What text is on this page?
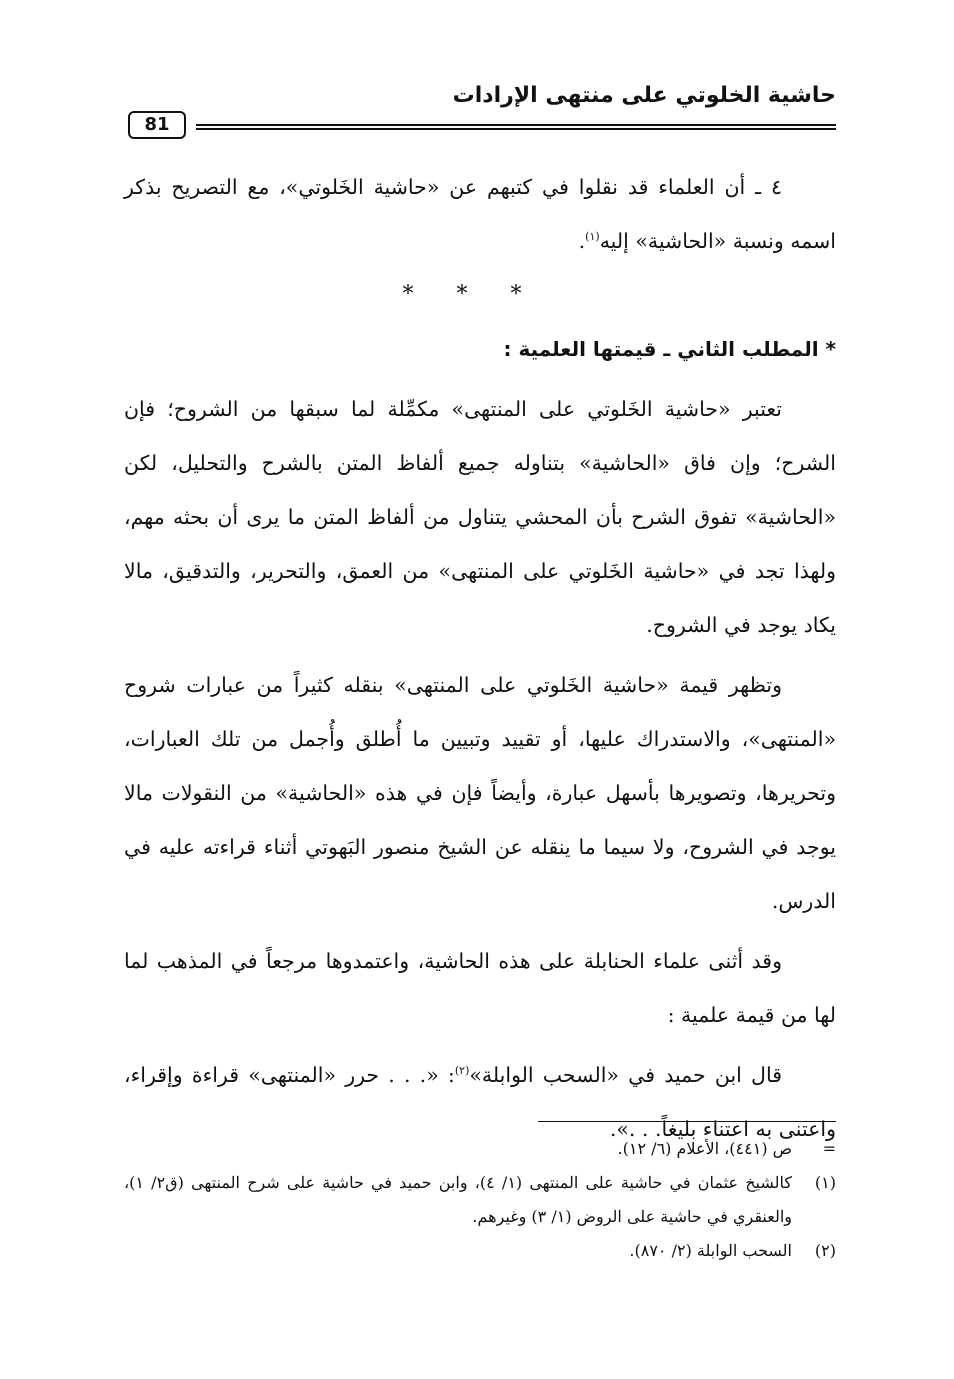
حاشية الخلوتي على منتهى الإرادات
81

٤ ـ أن العلماء قد نقلوا في كتبهم عن «حاشية الخَلوتي»، مع التصريح بذكر اسمه ونسبة «الحاشية» إليه$^{(١)}$.

* * *

* المطلب الثاني ـ قيمتها العلمية :

تعتبر «حاشية الخَلوتي على المنتهى» مكمِّلة لما سبقها من الشروح؛ فإن الشرح؛ وإن فاق «الحاشية» بتناوله جميع ألفاظ المتن بالشرح والتحليل، لكن «الحاشية» تفوق الشرح بأن المحشي يتناول من ألفاظ المتن ما يرى أن بحثه مهم، ولهذا تجد في «حاشية الخَلوتي على المنتهى» من العمق، والتحرير، والتدقيق، مالا يكاد يوجد في الشروح.

وتظهر قيمة «حاشية الخَلوتي على المنتهى» بنقله كثيراً من عبارات شروح «المنتهى»، والاستدراك عليها، أو تقييد وتبيين ما أُطلق وأُجمل من تلك العبارات، وتحريرها، وتصويرها بأسهل عبارة، وأيضاً فإن في هذه «الحاشية» من النقولات مالا يوجد في الشروح، ولا سيما ما ينقله عن الشيخ منصور البَهوتي أثناء قراءته عليه في الدرس.

وقد أثنى علماء الحنابلة على هذه الحاشية، واعتمدوها مرجعاً في المذهب لما لها من قيمة علمية :

قال ابن حميد في «السحب الوابلة»$^{(٢)}$: «. . . حرر «المنتهى» قراءة وإقراء، واعتنى به اعتناء بليغاً. . .».

=
ص (٤٤١)، الأعلام (٦/ ١٢).
(١)
كالشيخ عثمان في حاشية على المنتهى (١/ ٤)، وابن حميد في حاشية على شرح المنتهى (ق٢/ ١)، والعنقري في حاشية على الروض (١/ ٣) وغيرهم.
(٢)
السحب الوابلة (٢/ ٨٧٠).
